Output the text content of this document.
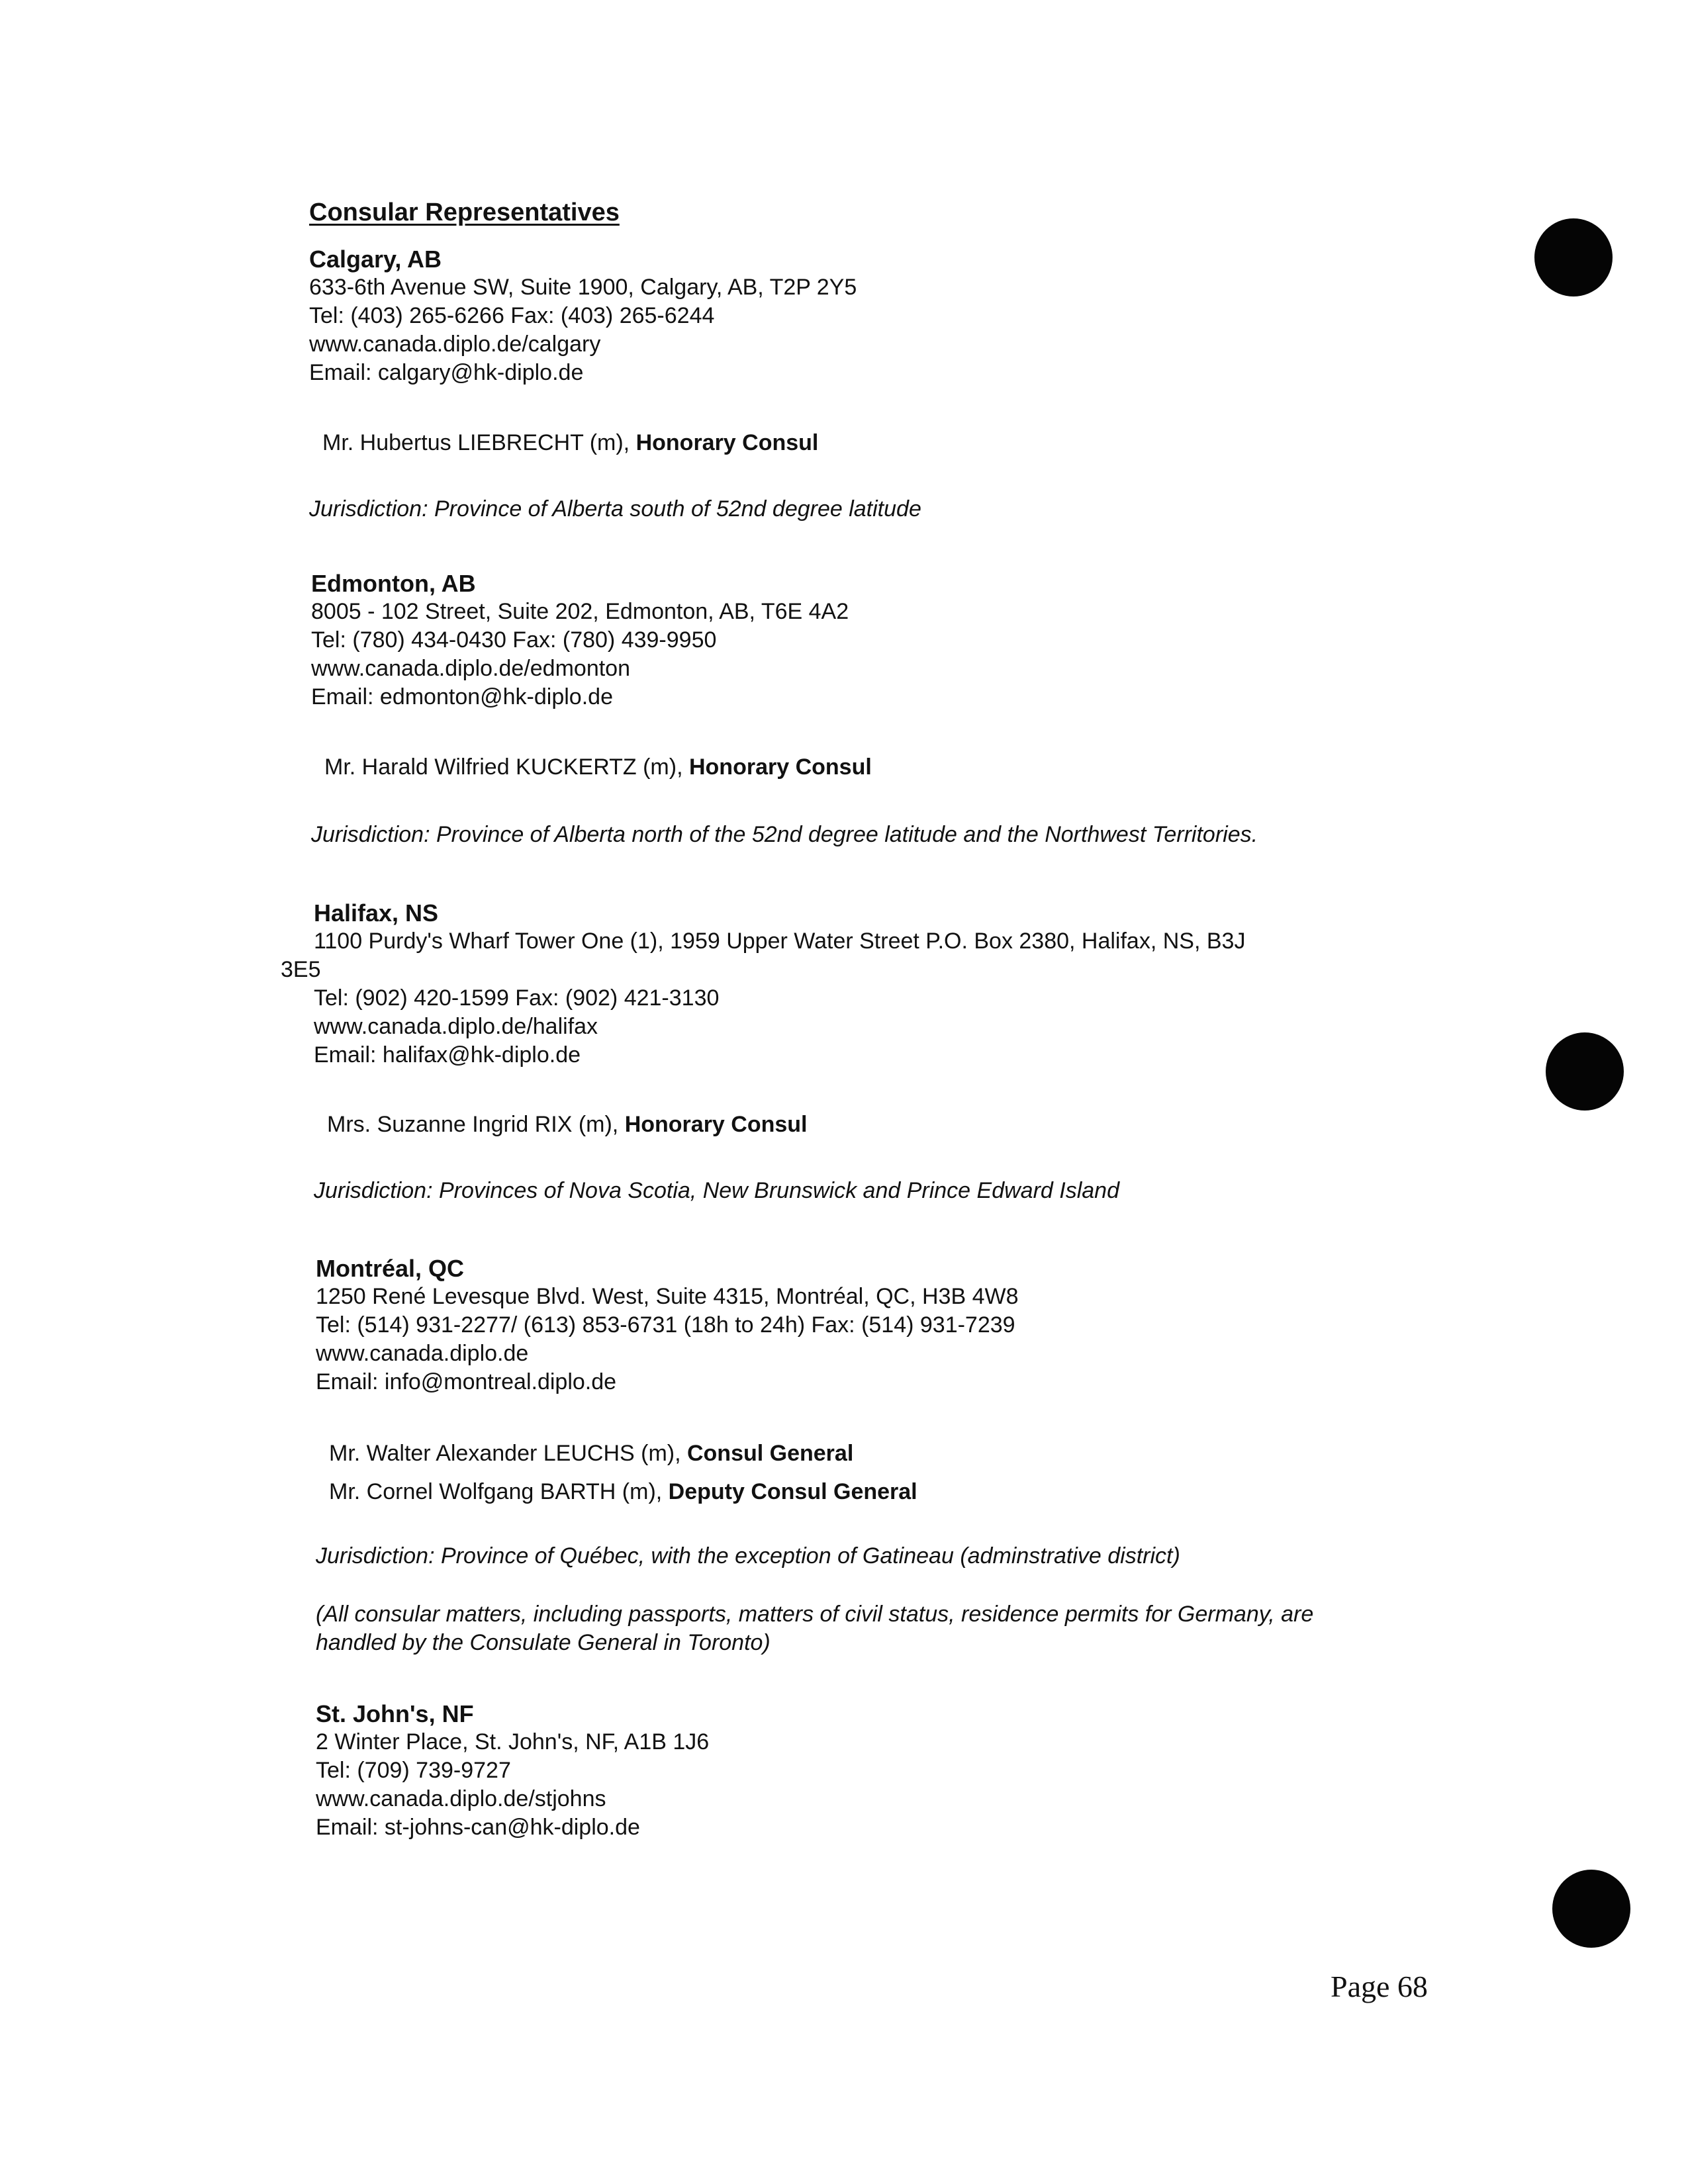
Consular Representatives
Calgary, AB
633-6th Avenue SW, Suite 1900, Calgary, AB, T2P 2Y5
Tel: (403) 265-6266 Fax: (403) 265-6244
www.canada.diplo.de/calgary
Email: calgary@hk-diplo.de
Mr. Hubertus LIEBRECHT (m), Honorary Consul
Jurisdiction: Province of Alberta south of 52nd degree latitude
Edmonton, AB
8005 - 102 Street, Suite 202, Edmonton, AB, T6E 4A2
Tel: (780) 434-0430 Fax: (780) 439-9950
www.canada.diplo.de/edmonton
Email: edmonton@hk-diplo.de
Mr. Harald Wilfried KUCKERTZ (m), Honorary Consul
Jurisdiction: Province of Alberta north of the 52nd degree latitude and the Northwest Territories.
Halifax, NS
1100 Purdy's Wharf Tower One (1), 1959 Upper Water Street P.O. Box 2380, Halifax, NS, B3J
3E5
Tel: (902) 420-1599 Fax: (902) 421-3130
www.canada.diplo.de/halifax
Email: halifax@hk-diplo.de
Mrs. Suzanne Ingrid RIX (m), Honorary Consul
Jurisdiction: Provinces of Nova Scotia, New Brunswick and Prince Edward Island
Montréal, QC
1250 René Levesque Blvd. West, Suite 4315, Montréal, QC, H3B 4W8
Tel: (514) 931-2277/ (613) 853-6731 (18h to 24h) Fax: (514) 931-7239
www.canada.diplo.de
Email: info@montreal.diplo.de
Mr. Walter Alexander LEUCHS (m), Consul General
Mr. Cornel Wolfgang BARTH (m), Deputy Consul General
Jurisdiction: Province of Québec, with the exception of Gatineau (adminstrative district)
(All consular matters, including passports, matters of civil status, residence permits for Germany, are handled by the Consulate General in Toronto)
St. John's, NF
2 Winter Place, St. John's, NF, A1B 1J6
Tel: (709) 739-9727
www.canada.diplo.de/stjohns
Email: st-johns-can@hk-diplo.de
Page 68
